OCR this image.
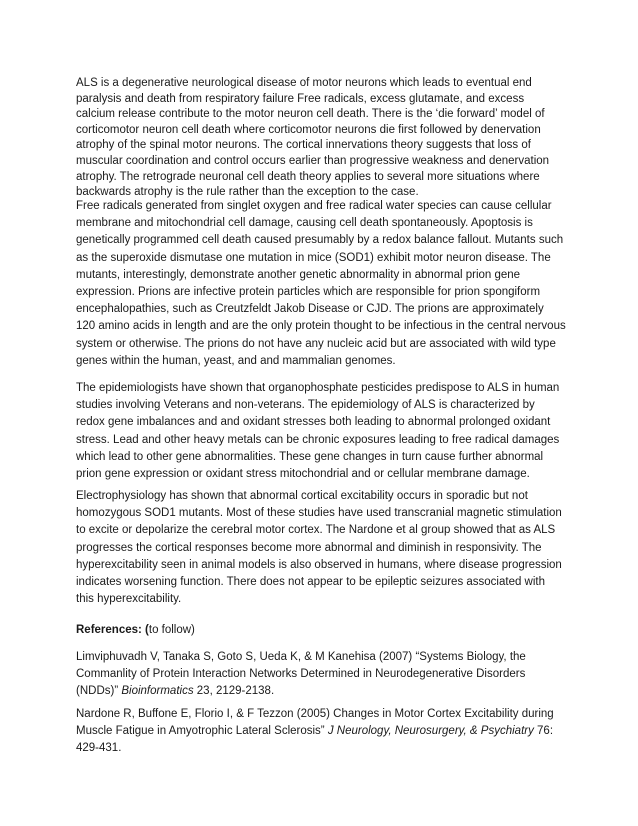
ALS is a degenerative neurological disease of motor neurons which leads to eventual end paralysis and death from respiratory failure Free radicals, excess glutamate, and excess calcium release contribute to the motor neuron cell death. There is the ‘die forward’ model of corticomotor neuron cell death where corticomotor neurons die first followed by denervation atrophy of the spinal motor neurons. The cortical innervations theory suggests that loss of muscular coordination and control occurs earlier than progressive weakness and denervation atrophy. The retrograde neuronal cell death theory applies to several more situations where backwards atrophy is the rule rather than the exception to the case.

Free radicals generated from singlet oxygen and free radical water species can cause cellular membrane and mitochondrial cell damage, causing cell death spontaneously. Apoptosis is genetically programmed cell death caused presumably by a redox balance fallout. Mutants such as the superoxide dismutase one mutation in mice (SOD1) exhibit motor neuron disease. The mutants, interestingly, demonstrate another genetic abnormality in abnormal prion gene expression. Prions are infective protein particles which are responsible for prion spongiform encephalopathies, such as Creutzfeldt Jakob Disease or CJD. The prions are approximately 120 amino acids in length and are the only protein thought to be infectious in the central nervous system or otherwise. The prions do not have any nucleic acid but are associated with wild type genes within the human, yeast, and and mammalian genomes.

The epidemiologists have shown that organophosphate pesticides predispose to ALS in human studies involving Veterans and non-veterans. The epidemiology of ALS is characterized by redox gene imbalances and and oxidant stresses both leading to abnormal prolonged oxidant stress. Lead and other heavy metals can be chronic exposures leading to free radical damages which lead to other gene abnormalities. These gene changes in turn cause further abnormal prion gene expression or oxidant stress mitochondrial and or cellular membrane damage.

Electrophysiology has shown that abnormal cortical excitability occurs in sporadic but not homozygous SOD1 mutants. Most of these studies have used transcranial magnetic stimulation to excite or depolarize the cerebral motor cortex. The Nardone et al group showed that as ALS progresses the cortical responses become more abnormal and diminish in responsivity. The hyperexcitability seen in animal models is also observed in humans, where disease progression indicates worsening function. There does not appear to be epileptic seizures associated with this hyperexcitability.

References: (to follow)

Limviphuvadh V, Tanaka S, Goto S, Ueda K, & M Kanehisa (2007) “Systems Biology, the Commanlity of Protein Interaction Networks Determined in Neurodegenerative Disorders (NDDs)” Bioinformatics 23, 2129-2138.

Nardone R, Buffone E, Florio I, & F Tezzon (2005) Changes in Motor Cortex Excitability during Muscle Fatigue in Amyotrophic Lateral Sclerosis” J Neurology, Neurosurgery, & Psychiatry 76: 429-431.
